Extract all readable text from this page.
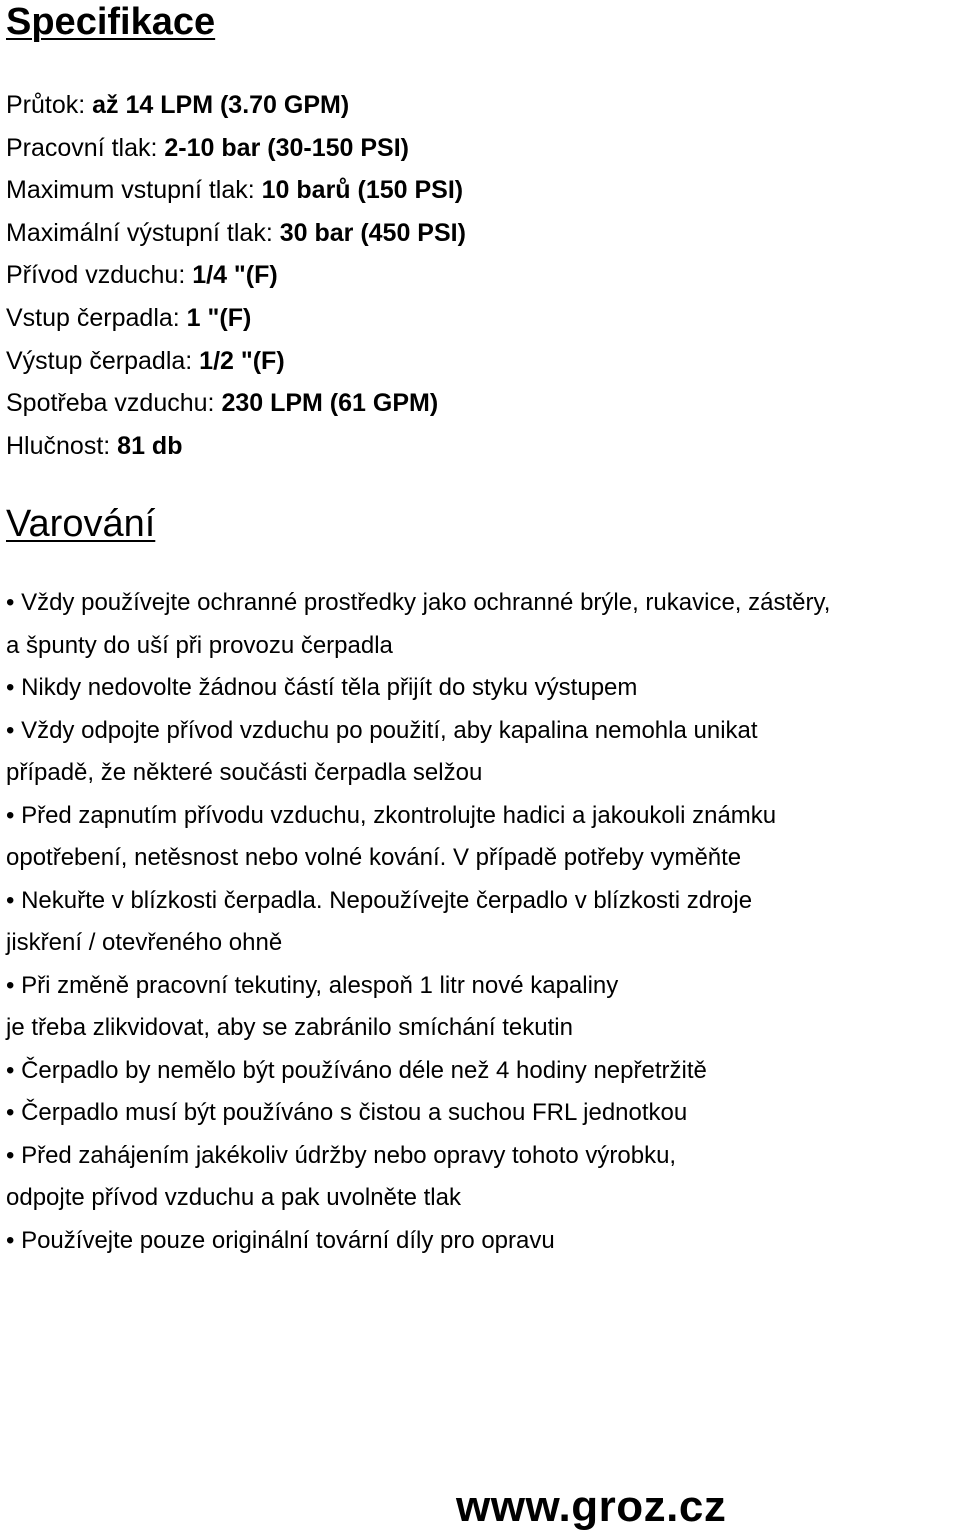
Specifikace
Průtok: až 14 LPM (3.70 GPM)
Pracovní tlak: 2-10 bar (30-150 PSI)
Maximum vstupní tlak: 10 barů (150 PSI)
Maximální výstupní tlak: 30 bar (450 PSI)
Přívod vzduchu: 1/4 "(F)
Vstup čerpadla: 1 "(F)
Výstup čerpadla: 1/2 "(F)
Spotřeba vzduchu: 230 LPM (61 GPM)
Hlučnost: 81 db
Varování
• Vždy používejte ochranné prostředky jako ochranné brýle, rukavice, zástěry,
a špunty do uší při provozu čerpadla
• Nikdy nedovolte žádnou částí těla přijít do styku výstupem
• Vždy odpojte přívod vzduchu po použití, aby kapalina nemohla unikat
případě, že některé součásti čerpadla selžou
• Před zapnutím přívodu vzduchu, zkontrolujte hadici a jakoukoli známku
opotřebení, netěsnost nebo volné kování. V případě potřeby vyměňte
• Nekuřte v blízkosti čerpadla. Nepoužívejte čerpadlo v blízkosti zdroje
jiskření / otevřeného ohně
• Při změně pracovní tekutiny, alespoň 1 litr nové kapaliny
je třeba zlikvidovat, aby se zabránilo smíchání tekutin
• Čerpadlo by nemělo být používáno déle než 4 hodiny nepřetržitě
• Čerpadlo musí být používáno s čistou a suchou FRL jednotkou
• Před zahájením jakékoliv údržby nebo opravy tohoto výrobku,
odpojte přívod vzduchu a pak uvolněte tlak
• Používejte pouze originální tovární díly pro opravu

www.groz.cz
